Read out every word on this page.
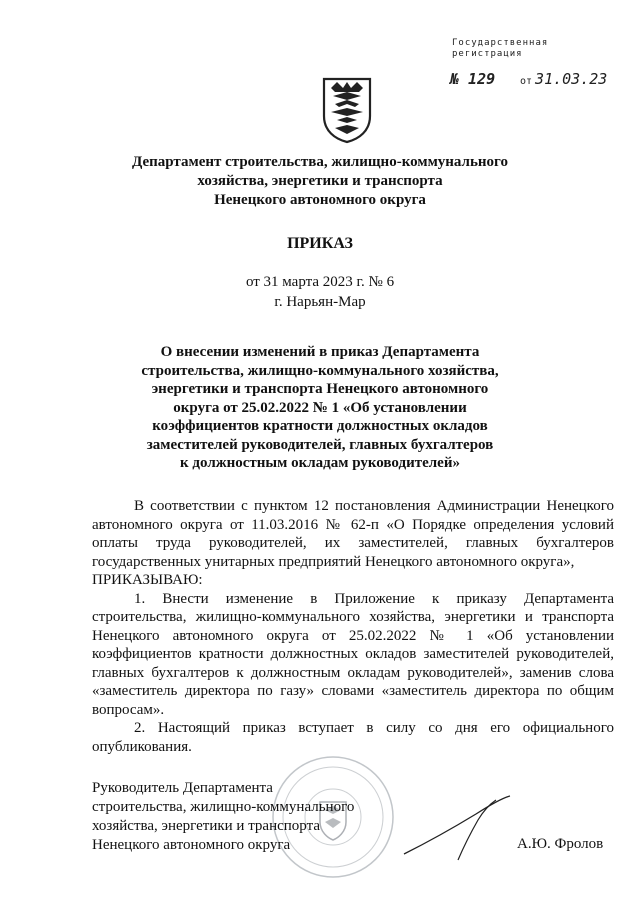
Государственная
регистрация
№ 129 от 31.03.23
Департамент строительства, жилищно-коммунального
хозяйства, энергетики и транспорта
Ненецкого автономного округа
ПРИКАЗ
от 31 марта 2023 г. № 6
г. Нарьян-Мар
О внесении изменений в приказ Департамента
строительства, жилищно-коммунального хозяйства,
энергетики и транспорта Ненецкого автономного
округа от 25.02.2022 № 1 «Об установлении
коэффициентов кратности должностных окладов
заместителей руководителей, главных бухгалтеров
к должностным окладам руководителей»

В соответствии с пунктом 12 постановления Администрации Ненецкого автономного округа от 11.03.2016 № 62-п «О Порядке определения условий оплаты труда руководителей, их заместителей, главных бухгалтеров государственных унитарных предприятий Ненецкого автономного округа»,

ПРИКАЗЫВАЮ:

1. Внести изменение в Приложение к приказу Департамента строительства, жилищно-коммунального хозяйства, энергетики и транспорта Ненецкого автономного округа от 25.02.2022 № 1 «Об установлении коэффициентов кратности должностных окладов заместителей руководителей, главных бухгалтеров к должностным окладам руководителей», заменив слова «заместитель директора по газу» словами «заместитель директора по общим вопросам».

2. Настоящий приказ вступает в силу со дня его официального опубликования.

Руководитель Департамента
строительства, жилищно-коммунального
хозяйства, энергетики и транспорта
Ненецкого автономного округа	А.Ю. Фролов
